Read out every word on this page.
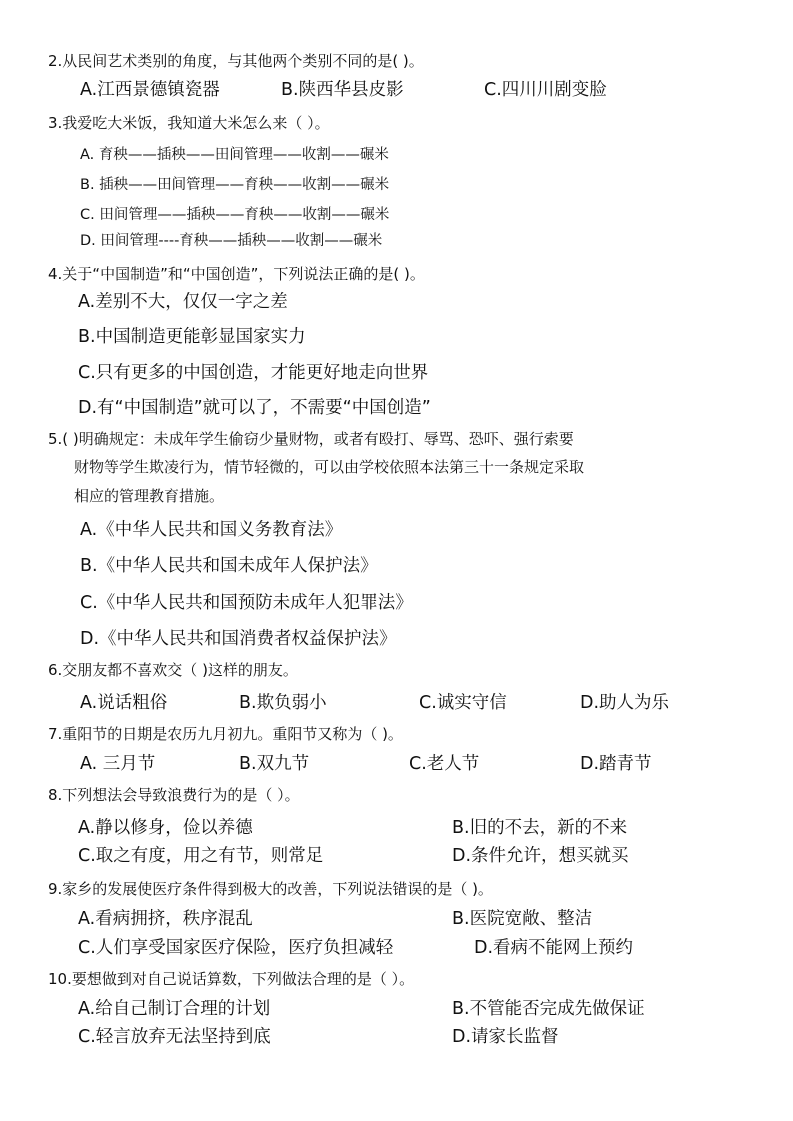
2.从民间艺术类别的角度，与其他两个类别不同的是( )。
A.江西景德镇瓷器	B.陕西华县皮影	C.四川川剧变脸
3.我爱吃大米饭，我知道大米怎么来（ ）。
A. 育秧——插秧——田间管理——收割——碾米
B. 插秧——田间管理——育秧——收割——碾米
C. 田间管理——插秧——育秧——收割——碾米
D. 田间管理----育秧——插秧——收割——碾米
4.关于“中国制造”和“中国创造”，下列说法正确的是( )。
A.差别不大，仅仅一字之差
B.中国制造更能彰显国家实力
C.只有更多的中国创造，才能更好地走向世界
D.有“中国制造”就可以了，不需要“中国创造”
5.( )明确规定：未成年学生偷窃少量财物，或者有殴打、辱骂、恐吓、强行索要
财物等学生欺凌行为，情节轻微的，可以由学校依照本法第三十一条规定采取
相应的管理教育措施。
A.《中华人民共和国义务教育法》
B.《中华人民共和国未成年人保护法》
C.《中华人民共和国预防未成年人犯罪法》
D.《中华人民共和国消费者权益保护法》
6.交朋友都不喜欢交（ )这样的朋友。
A.说话粗俗	B.欺负弱小	C.诚实守信	D.助人为乐
7.重阳节的日期是农历九月初九。重阳节又称为（ )。
A. 三月节	B.双九节	C.老人节	D.踏青节
8.下列想法会导致浪费行为的是（ ）。
A.静以修身，俭以养德	B.旧的不去，新的不来
C.取之有度，用之有节，则常足	D.条件允许，想买就买
9.家乡的发展使医疗条件得到极大的改善，下列说法错误的是（ )。
A.看病拥挤，秩序混乱	B.医院宽敞、整洁
C.人们享受国家医疗保险，医疗负担减轻	D.看病不能网上预约
10.要想做到对自己说话算数，下列做法合理的是（ ）。
A.给自己制订合理的计划	B.不管能否完成先做保证
C.轻言放弃无法坚持到底	D.请家长监督
